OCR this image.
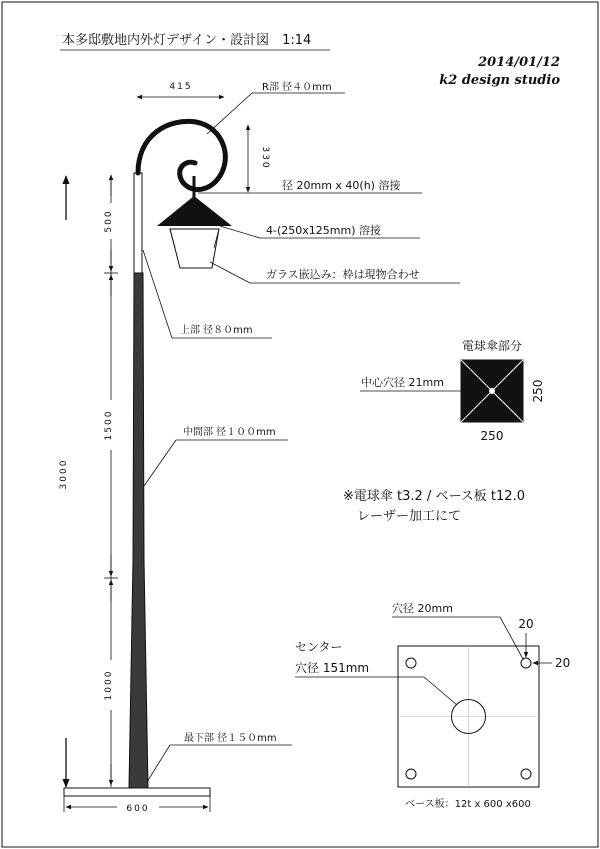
本多邸敷地内外灯デザイン・設計図　1:14
2014/01/12
k2 design studio
415
330
3000
500
1500
1000
600
R部 径４０mm
径 20mm x 40(h) 溶接
4-(250x125mm) 溶接
ガラス嵌込み：枠は現物合わせ
上部 径８０mm
中間部 径１００mm
最下部 径１５０mm
電球傘部分
中心穴径 21mm
250
250
※電球傘 t3.2 / ベース板 t12.0
レーザー加工にて
穴径 20mm
20
20
センター
穴径 151mm
ベース板：12t x 600 x600
